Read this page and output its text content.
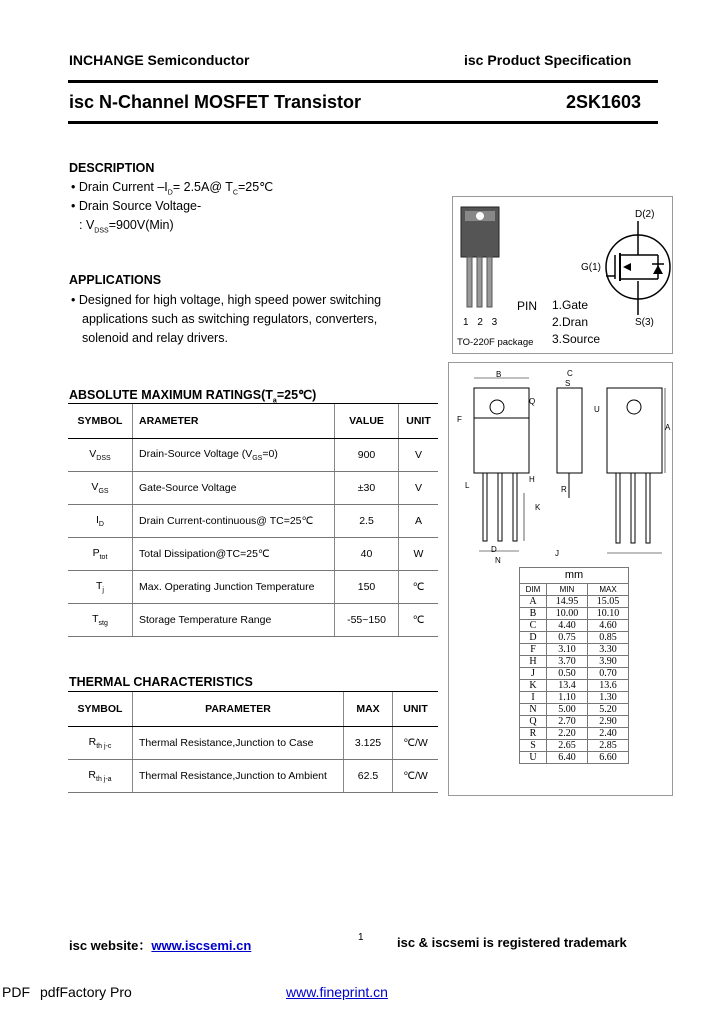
INCHANGE Semiconductor	isc Product Specification
isc N-Channel MOSFET Transistor	2SK1603
DESCRIPTION
• Drain Current $-I_D=$ 2.5A@ $T_C=25℃$
• Drain Source Voltage-
: $V_{DSS}=900V(Min)$
APPLICATIONS
• Designed for high voltage, high speed power switching
applications such as switching regulators, converters,
solenoid and relay drivers.
1 2 3
TO-220F package
PIN 1.Gate
2.Dran
3.Source
D(2)
G(1)
S(3)
ABSOLUTE MAXIMUM $RATINGS(T_a=25℃)$
SYMBOL	ARAMETER	VALUE	UNIT
$V_{DSS}$	Drain-Source Voltage $(V_{GS}=0)$	900	V
$V_{GS}$	Gate-Source Voltage	±30	V
$I_D$	Drain Current-continuous@ TC=25℃	2.5	A
$P_{tot}$	Total Dissipation@TC=25℃	40	W
$T_j$	Max. Operating Junction Temperature	150	℃
$T_{stg}$	Storage Temperature Range	-55~150	℃
THERMAL CHARACTERISTICS
SYMBOL	PARAMETER	MAX	UNIT
$R_{th j-c}$	Thermal Resistance,Junction to Case	3.125	℃/W
$R_{th j-a}$	Thermal Resistance,Junction to Ambient	62.5	℃/W
B	C
S
Q
F
U
A
L
H
R
K
D
N
J
mm		
DIM	MIN	MAX
A	14.95	15.05
B	10.00	10.10
C	4.40	4.60
D	0.75	0.85
F	3.10	3.30
H	3.70	3.90
J	0.50	0.70
K	13.4	13.6
I	1.10	1.30
N	5.00	5.20
Q	2.70	2.90
R	2.20	2.40
S	2.65	2.85
U	6.40	6.60
isc website：www.iscsemi.cn
1	isc & iscsemi is registered trademark
PDF pdfFactory Pro	www.fineprint.cn
